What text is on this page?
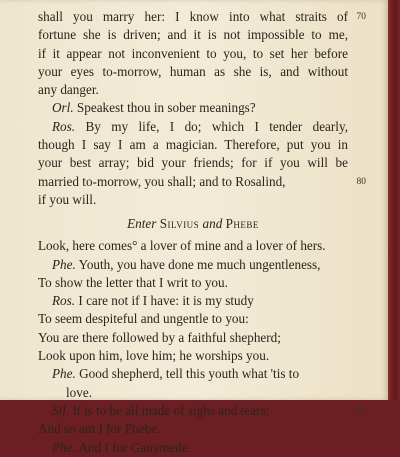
shall you marry her: I know into what straits of 70
fortune she is driven; and it is not impossible to me,
if it appear not inconvenient to you, to set her before
your eyes to-morrow, human as she is, and without
any danger.
Orl. Speakest thou in sober meanings?
Ros. By my life, I do; which I tender dearly,
though I say I am a magician. Therefore, put you in
your best array; bid your friends; for if you will be
married to-morrow, you shall; and to Rosalind,	80
if you will.
Enter Silvius and Phebe
Look, here comes° a lover of mine and a lover of hers.
Phe. Youth, you have done me much ungentleness,
To show the letter that I writ to you.
Ros. I care not if I have: it is my study
To seem despiteful and ungentle to you:
You are there followed by a faithful shepherd;
Look upon him, love him; he worships you.
Phe. Good shepherd, tell this youth what 'tis to
love.
Sil. It is to be all made of sighs and tears;	90
And so am I for Phebe.
Phe. And I for Ganymede.
